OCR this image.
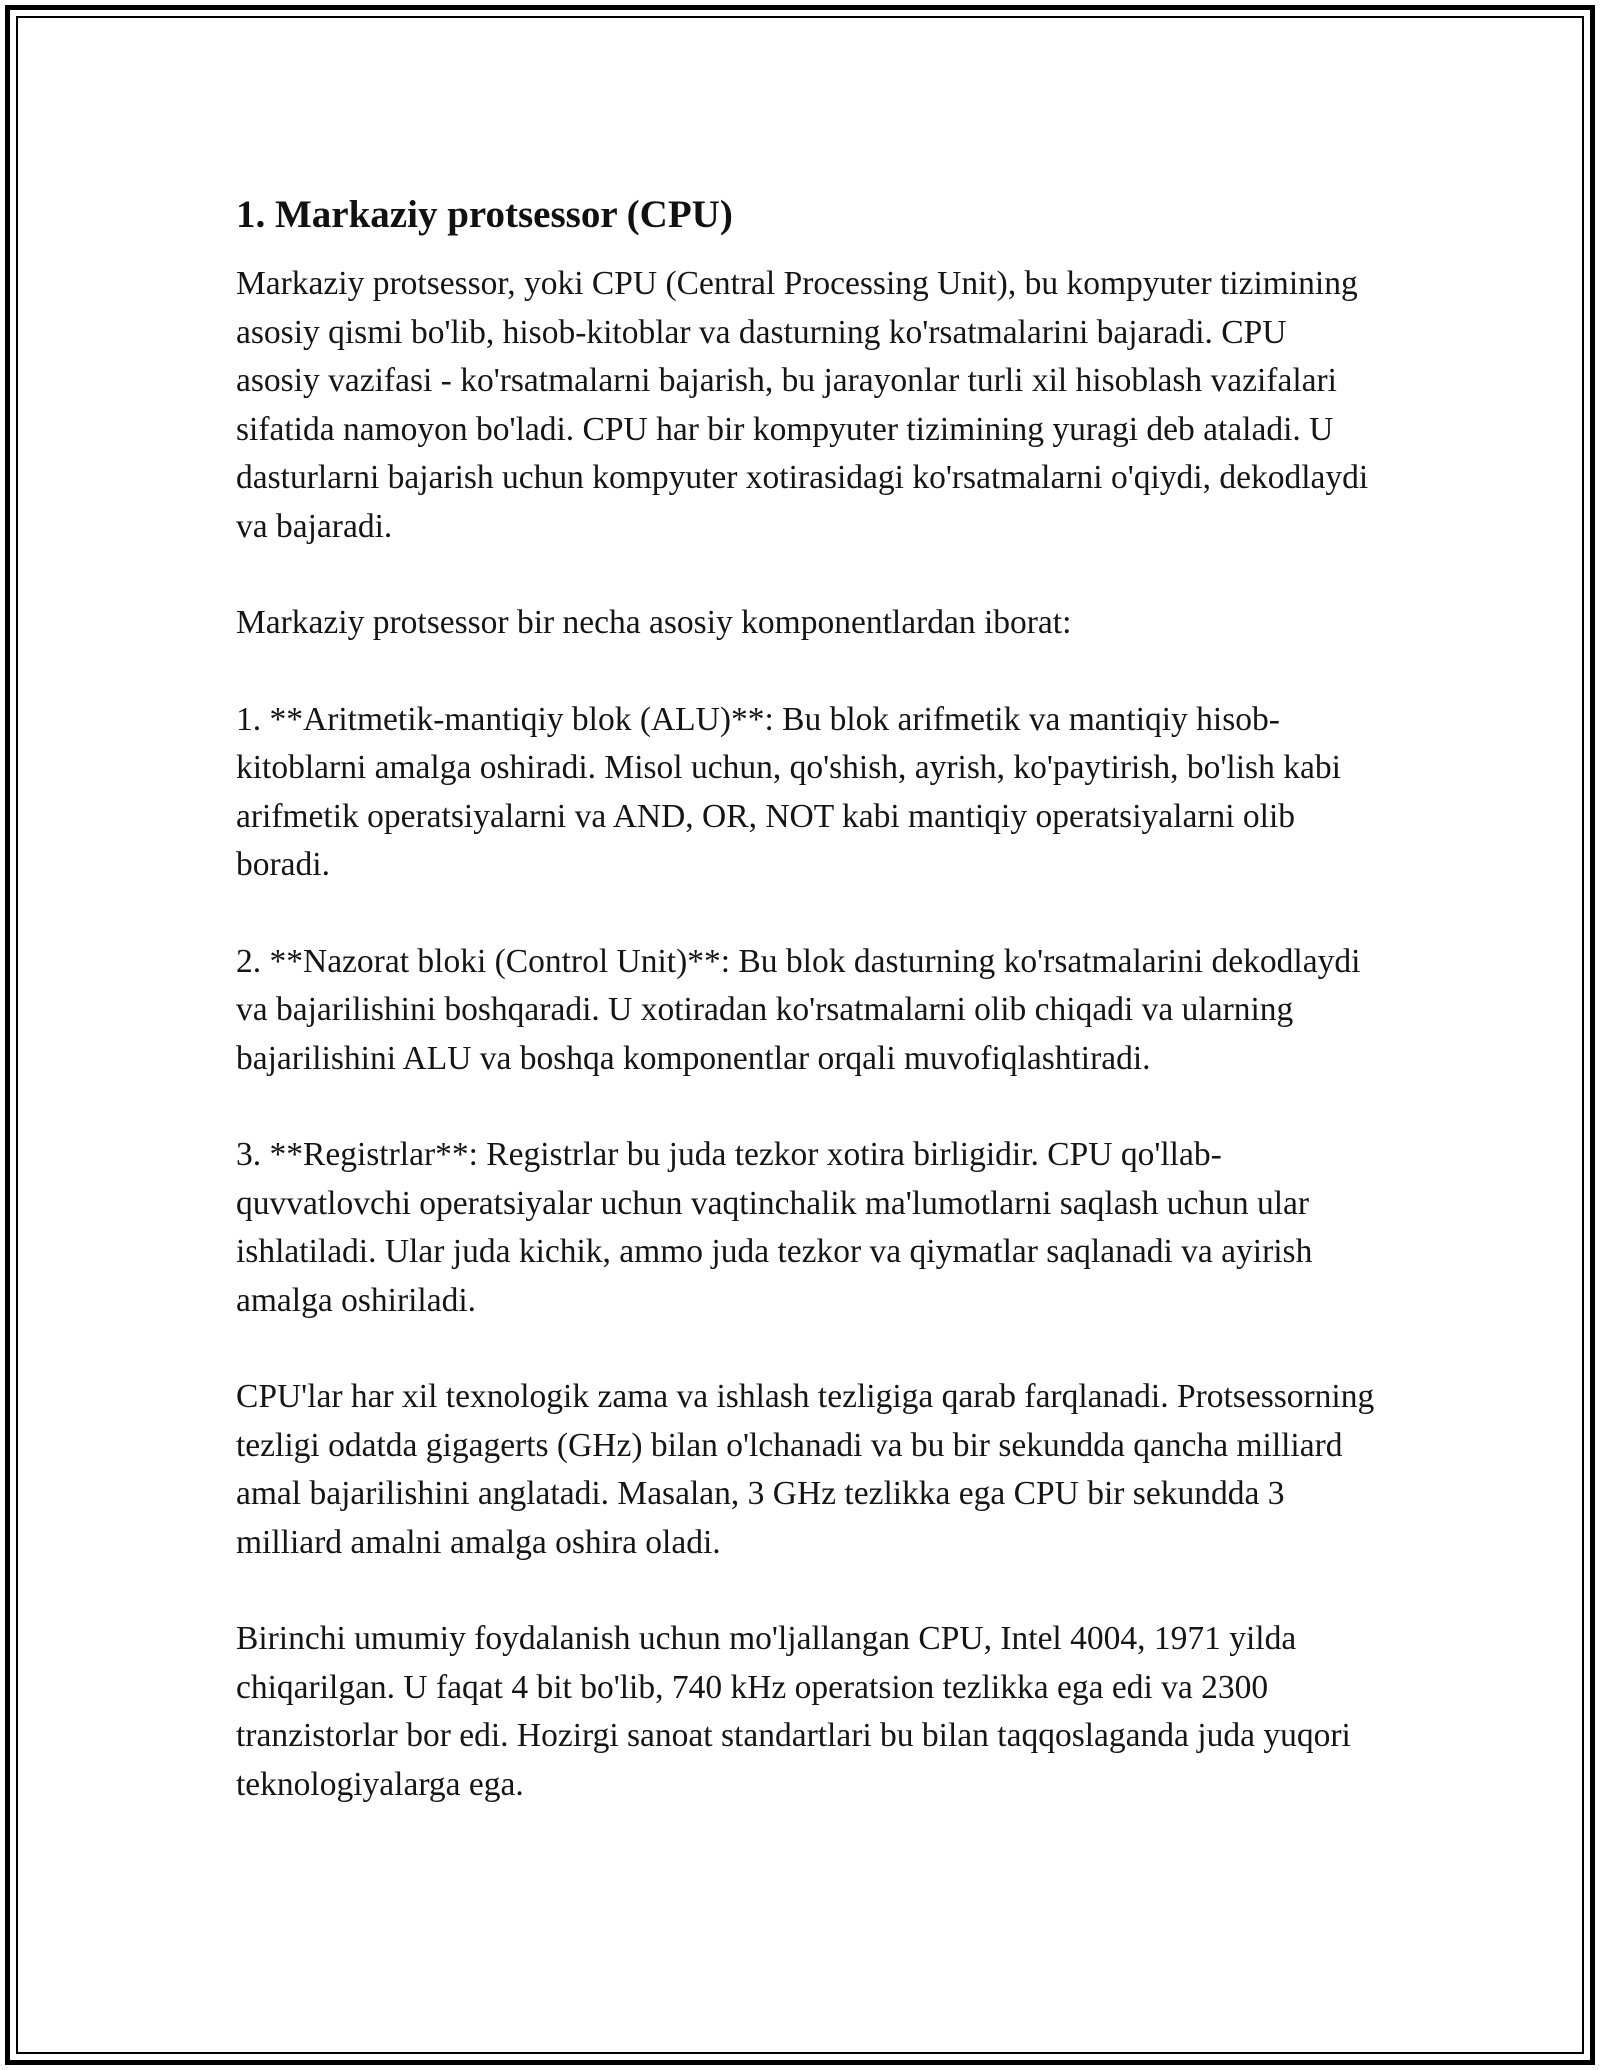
1. Markaziy protsessor (CPU)

Markaziy protsessor, yoki CPU (Central Processing Unit), bu kompyuter tizimining asosiy qismi bo'lib, hisob-kitoblar va dasturning ko'rsatmalarini bajaradi. CPU asosiy vazifasi - ko'rsatmalarni bajarish, bu jarayonlar turli xil hisoblash vazifalari sifatida namoyon bo'ladi. CPU har bir kompyuter tizimining yuragi deb ataladi. U dasturlarni bajarish uchun kompyuter xotirasidagi ko'rsatmalarni o'qiydi, dekodlaydi va bajaradi.

Markaziy protsessor bir necha asosiy komponentlardan iborat:

1. **Aritmetik-mantiqiy blok (ALU)**: Bu blok arifmetik va mantiqiy hisob-kitoblarni amalga oshiradi. Misol uchun, qo'shish, ayrish, ko'paytirish, bo'lish kabi arifmetik operatsiyalarni va AND, OR, NOT kabi mantiqiy operatsiyalarni olib boradi.

2. **Nazorat bloki (Control Unit)**: Bu blok dasturning ko'rsatmalarini dekodlaydi va bajarilishini boshqaradi. U xotiradan ko'rsatmalarni olib chiqadi va ularning bajarilishini ALU va boshqa komponentlar orqali muvofiqlashtiradi.

3. **Registrlar**: Registrlar bu juda tezkor xotira birligidir. CPU qo'llab-quvvatlovchi operatsiyalar uchun vaqtinchalik ma'lumotlarni saqlash uchun ular ishlatiladi. Ular juda kichik, ammo juda tezkor va qiymatlar saqlanadi va ayirish amalga oshiriladi.

CPU'lar har xil texnologik zama va ishlash tezligiga qarab farqlanadi. Protsessorning tezligi odatda gigagerts (GHz) bilan o'lchanadi va bu bir sekundda qancha milliard amal bajarilishini anglatadi. Masalan, 3 GHz tezlikka ega CPU bir sekundda 3 milliard amalni amalga oshira oladi.

Birinchi umumiy foydalanish uchun mo'ljallangan CPU, Intel 4004, 1971 yilda chiqarilgan. U faqat 4 bit bo'lib, 740 kHz operatsion tezlikka ega edi va 2300 tranzistorlar bor edi. Hozirgi sanoat standartlari bu bilan taqqoslaganda juda yuqori teknologiyalarga ega.
